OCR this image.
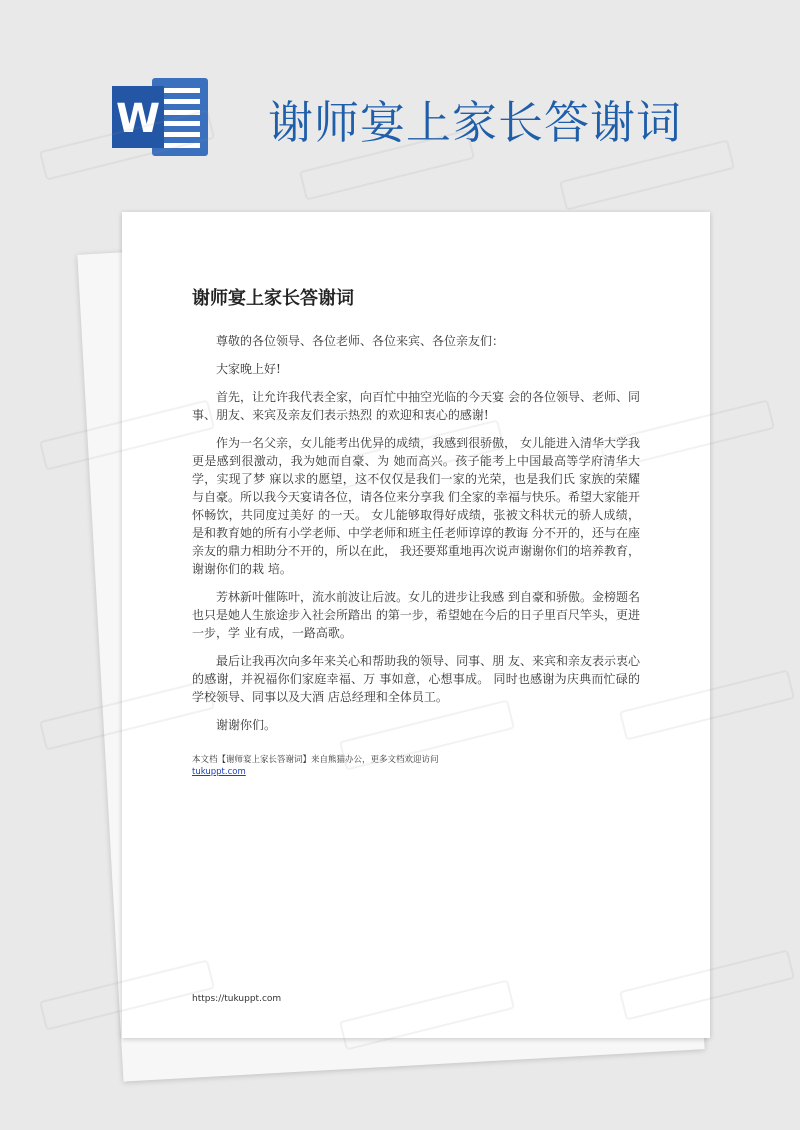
W 谢师宴上家长答谢词
谢师宴上家长答谢词

尊敬的各位领导、各位老师、各位来宾、各位亲友们：

大家晚上好!

首先，让允许我代表全家，向百忙中抽空光临的今天宴 会的各位领导、老师、同事、朋友、来宾及亲友们表示热烈 的欢迎和衷心的感谢!

作为一名父亲，女儿能考出优异的成绩，我感到很骄傲， 女儿能进入清华大学我更是感到很激动，我为她而自豪、为 她而高兴。孩子能考上中国最高等学府清华大学，实现了梦 寐以求的愿望，这不仅仅是我们一家的光荣，也是我们氏 家族的荣耀与自豪。所以我今天宴请各位，请各位来分享我 们全家的幸福与快乐。希望大家能开怀畅饮，共同度过美好 的一天。 女儿能够取得好成绩，张被文科状元的骄人成绩，是和教育她的所有小学老师、中学老师和班主任老师谆谆的教诲 分不开的，还与在座亲友的鼎力相助分不开的，所以在此， 我还要郑重地再次说声谢谢你们的培养教育，谢谢你们的栽 培。

芳林新叶催陈叶，流水前波让后波。女儿的进步让我感 到自豪和骄傲。金榜题名也只是她人生旅途步入社会所踏出 的第一步，希望她在今后的日子里百尺竿头，更进一步，学 业有成，一路高歌。

最后让我再次向多年来关心和帮助我的领导、同事、朋 友、来宾和亲友表示衷心的感谢，并祝福你们家庭幸福、万 事如意，心想事成。 同时也感谢为庆典而忙碌的学校领导、同事以及大酒 店总经理和全体员工。

谢谢你们。

本文档【谢师宴上家长答谢词】来自熊猫办公，更多文档欢迎访问
tukuppt.com
https://tukuppt.com
